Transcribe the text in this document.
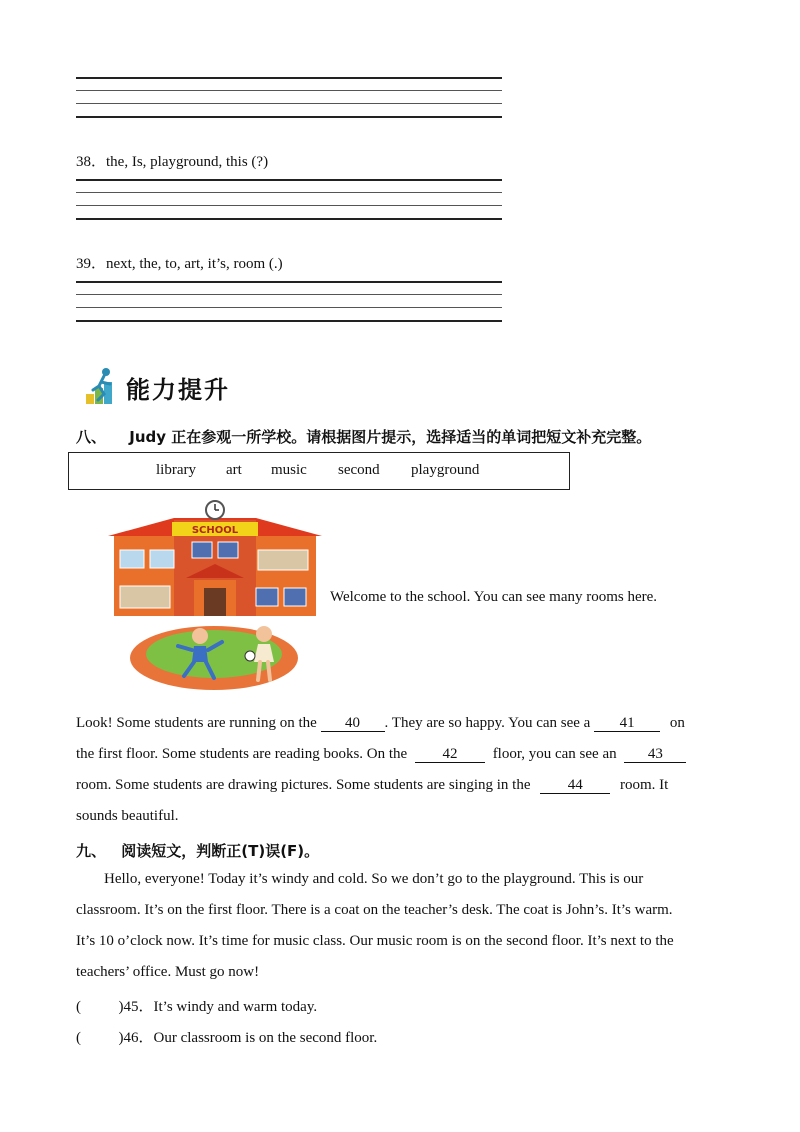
38．the, Is, playground, this (?)
39．next, the, to, art, it’s, room (.)
能力提升
八、 Judy 正在参观一所学校。请根据图片提示，选择适当的单词把短文补充完整。
library art music second playground
SCHOOL
Welcome to the school. You can see many rooms here.
Look! Some students are running on the 40 . They are so happy. You can see a 41 on
the first floor. Some students are reading books. On the 42 floor, you can see an 43
room. Some students are drawing pictures. Some students are singing in the 44 room. It
sounds beautiful.
九、 阅读短文，判断正(T)误(F)。
Hello, everyone! Today it’s windy and cold. So we don’t go to the playground. This is our
classroom. It’s on the first floor. There is a coat on the teacher’s desk. The coat is John’s. It’s warm.
It’s 10 o’clock now. It’s time for music class. Our music room is on the second floor. It’s next to the
teachers’ office. Must go now!
(          )45．It’s windy and warm today.
(          )46．Our classroom is on the second floor.
